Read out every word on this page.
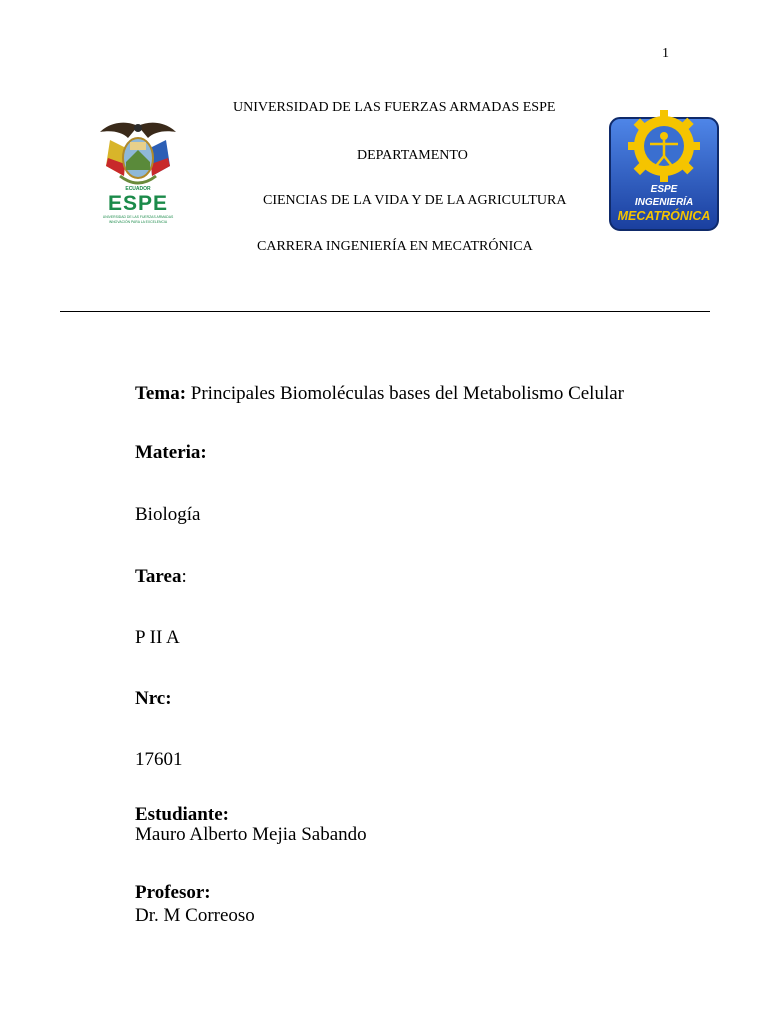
1
UNIVERSIDAD DE LAS FUERZAS ARMADAS ESPE
DEPARTAMENTO
CIENCIAS DE LA VIDA Y DE LA AGRICULTURA
CARRERA INGENIERÍA EN MECATRÓNICA
ECUADOR
ESPE
UNIVERSIDAD DE LAS FUERZAS ARMADAS
INNOVACIÓN PARA LA EXCELENCIA
ESPE
INGENIERÍA
MECATRÓNICA
Tema: Principales Biomoléculas bases del Metabolismo Celular
Materia:
Biología
Tarea:
P II A
Nrc:
17601
Estudiante:
Mauro Alberto Mejia Sabando
Profesor:
Dr. M Correoso
